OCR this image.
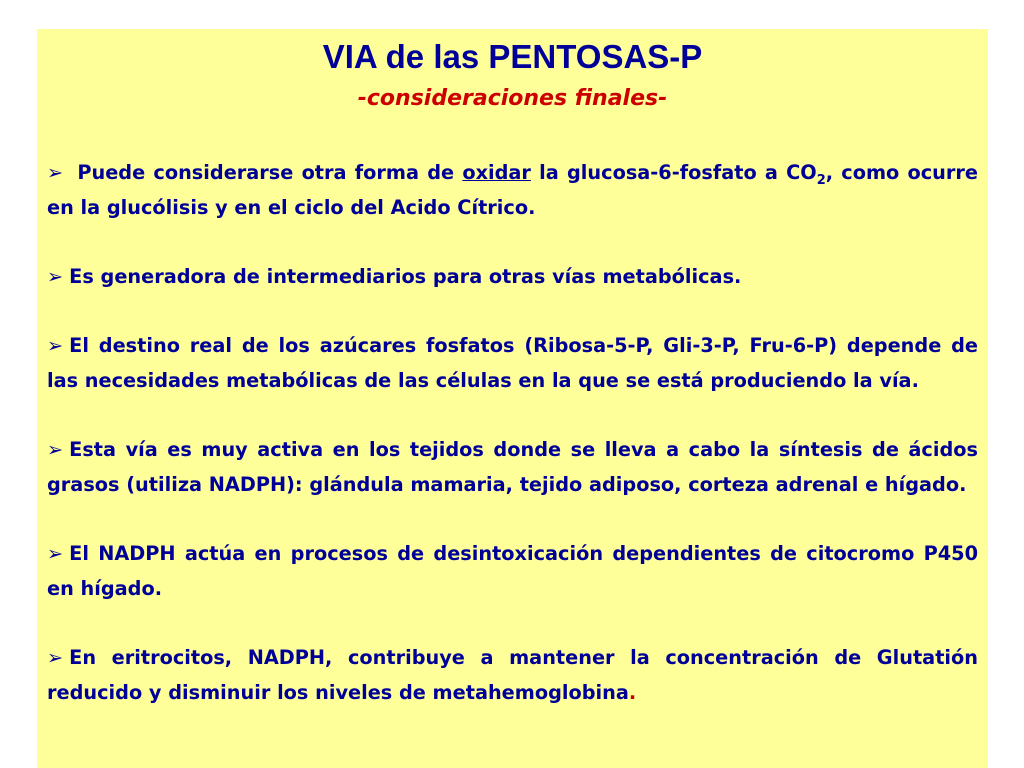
VIA de las PENTOSAS-P
-consideraciones finales-

➢ Puede considerarse otra forma de oxidar la glucosa-6-fosfato a $CO_2$, como ocurre en la glucólisis y en el ciclo del Acido Cítrico.

➢ Es generadora de intermediarios para otras vías metabólicas.

➢ El destino real de los azúcares fosfatos (Ribosa-5-P, Gli-3-P, Fru-6-P) depende de las necesidades metabólicas de las células en la que se está produciendo la vía.

➢ Esta vía es muy activa en los tejidos donde se lleva a cabo la síntesis de ácidos grasos (utiliza NADPH): glándula mamaria, tejido adiposo, corteza adrenal e hígado.

➢ El NADPH actúa en procesos de desintoxicación dependientes de citocromo P450 en hígado.

➢ En eritrocitos, NADPH, contribuye a mantener la concentración de Glutatión reducido y disminuir los niveles de metahemoglobina.
